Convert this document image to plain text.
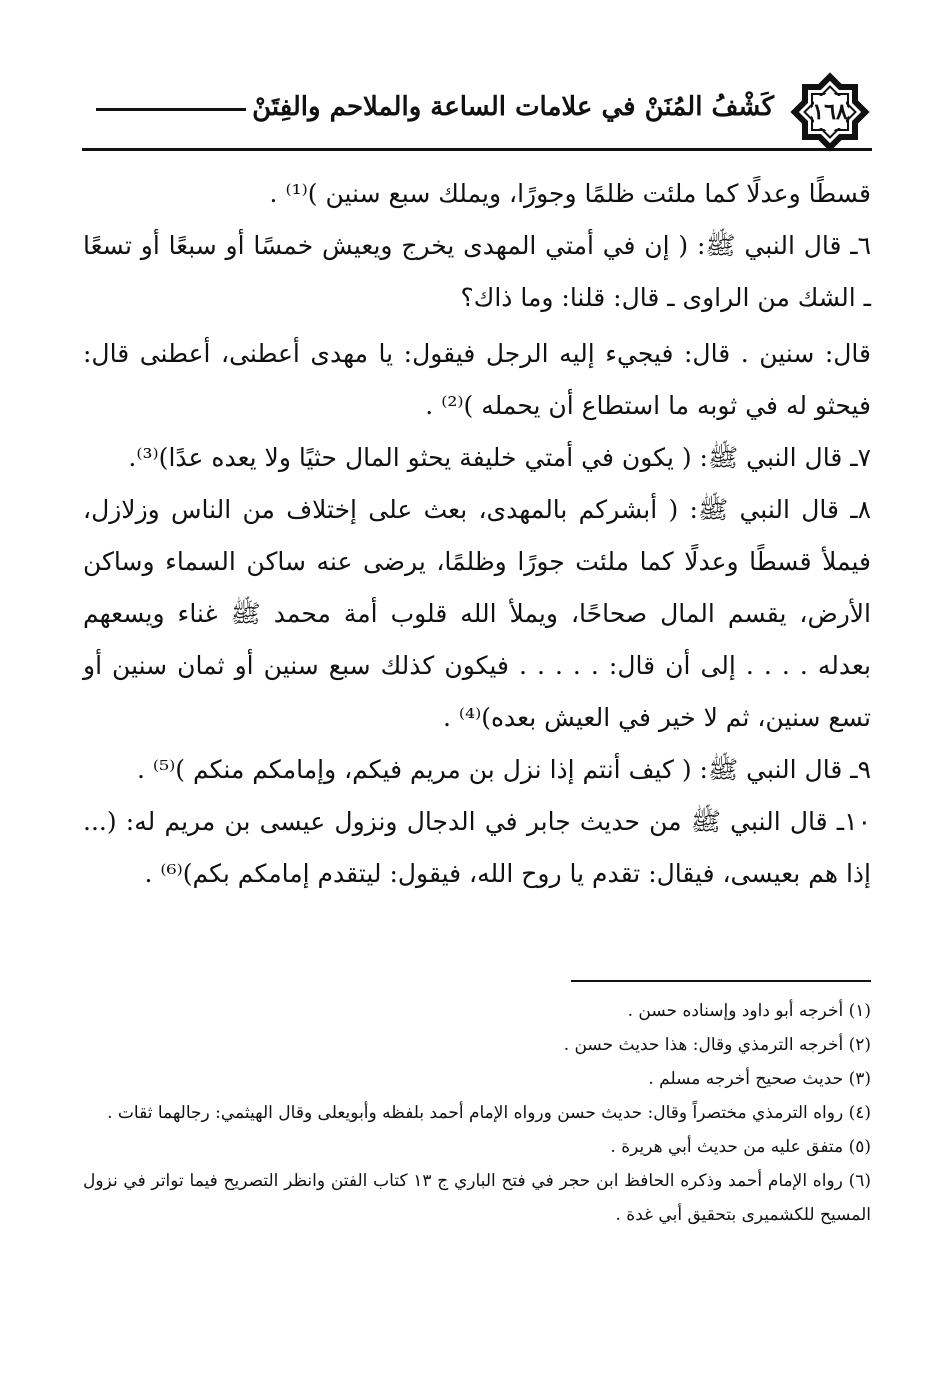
١٦٨
كَشْفُ المُنَنْ في علامات الساعة والملاحم والفِتَنْ

قسطًا وعدلًا كما ملئت ظلمًا وجورًا، ويملك سبع سنين )⁽¹⁾ .

٦ـ قال النبي ﷺ: ( إن في أمتي المهدى يخرج ويعيش خمسًا أو سبعًا أو تسعًا ـ الشك من الراوى ـ قال: قلنا: وما ذاك؟

قال: سنين . قال: فيجيء إليه الرجل فيقول: يا مهدى أعطنى، أعطنى قال: فيحثو له في ثوبه ما استطاع أن يحمله )⁽²⁾ .

٧ـ قال النبي ﷺ: ( يكون في أمتي خليفة يحثو المال حثيًا ولا يعده عدًا)⁽³⁾.

٨ـ قال النبي ﷺ: ( أبشركم بالمهدى، بعث على إختلاف من الناس وزلازل، فيملأ قسطًا وعدلًا كما ملئت جورًا وظلمًا، يرضى عنه ساكن السماء وساكن الأرض، يقسم المال صحاحًا، ويملأ الله قلوب أمة محمد ﷺ غناء ويسعهم بعدله . . . . إلى أن قال: . . . . . فيكون كذلك سبع سنين أو ثمان سنين أو تسع سنين، ثم لا خير في العيش بعده)⁽⁴⁾ .

٩ـ قال النبي ﷺ: ( كيف أنتم إذا نزل بن مريم فيكم، وإمامكم منكم )⁽⁵⁾ .

١٠ـ قال النبي ﷺ من حديث جابر في الدجال ونزول عيسى بن مريم له: (... إذا هم بعيسى، فيقال: تقدم يا روح الله، فيقول: ليتقدم إمامكم بكم)⁽⁶⁾ .

(١) أخرجه أبو داود وإسناده حسن .

(٢) أخرجه الترمذي وقال: هذا حديث حسن .

(٣) حديث صحيح أخرجه مسلم .

(٤) رواه الترمذي مختصراً وقال: حديث حسن ورواه الإمام أحمد بلفظه وأبويعلى وقال الهيثمي: رجالهما ثقات .

(٥) متفق عليه من حديث أبي هريرة .

(٦) رواه الإمام أحمد وذكره الحافظ ابن حجر في فتح الباري ج ١٣ كتاب الفتن وانظر التصريح فيما تواتر في نزول المسيح للكشميرى بتحقيق أبي غدة .
